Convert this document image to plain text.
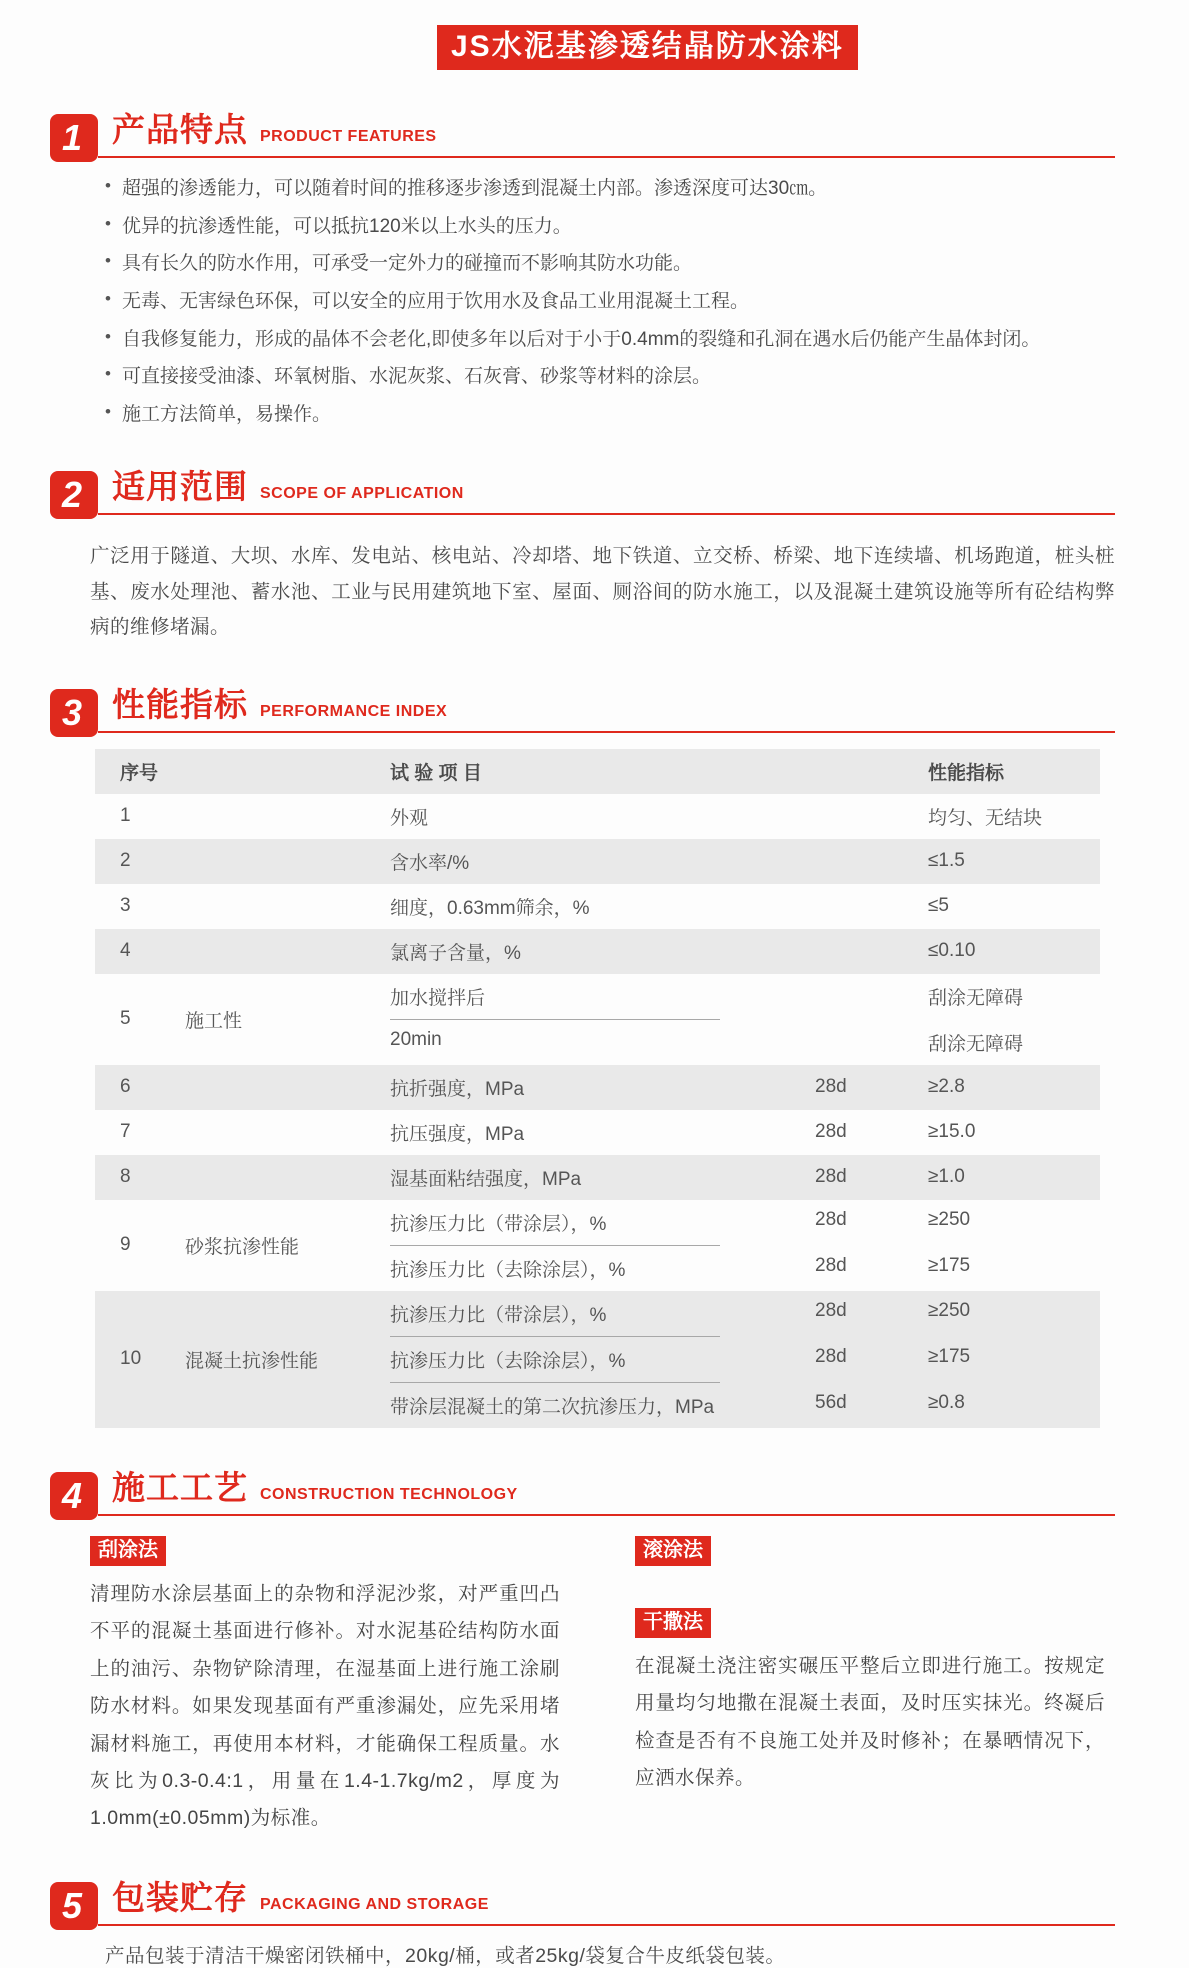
JS水泥基渗透结晶防水涂料
1 产品特点 PRODUCT FEATURES
• 超强的渗透能力，可以随着时间的推移逐步渗透到混凝土内部。渗透深度可达30㎝。
• 优异的抗渗透性能，可以抵抗120米以上水头的压力。
• 具有长久的防水作用，可承受一定外力的碰撞而不影响其防水功能。
• 无毒、无害绿色环保，可以安全的应用于饮用水及食品工业用混凝土工程。
• 自我修复能力，形成的晶体不会老化,即使多年以后对于小于0.4mm的裂缝和孔洞在遇水后仍能产生晶体封闭。
• 可直接接受油漆、环氧树脂、水泥灰浆、石灰膏、砂浆等材料的涂层。
• 施工方法简单，易操作。
2 适用范围 SCOPE OF APPLICATION
广泛用于隧道、大坝、水库、发电站、核电站、冷却塔、地下铁道、立交桥、桥梁、地下连续墙、机场跑道，桩头桩基、废水处理池、蓄水池、工业与民用建筑地下室、屋面、厕浴间的防水施工，以及混凝土建筑设施等所有砼结构弊病的维修堵漏。
3 性能指标 PERFORMANCE INDEX
序号	试 验 项 目	性能指标
1	外观	均匀、无结块
2	含水率/%	≤1.5
3	细度，0.63mm筛余，%	≤5
4	氯离子含量，%	≤0.10
5	施工性
加水搅拌后	刮涂无障碍
20min	刮涂无障碍
6	抗折强度，MPa	28d	≥2.8
7	抗压强度，MPa	28d	≥15.0
8	湿基面粘结强度，MPa	28d	≥1.0
9	砂浆抗渗性能
抗渗压力比（带涂层），%	28d	≥250
抗渗压力比（去除涂层），%	28d	≥175
10	混凝土抗渗性能
抗渗压力比（带涂层），%	28d	≥250
抗渗压力比（去除涂层），%	28d	≥175
带涂层混凝土的第二次抗渗压力，MPa	56d	≥0.8
4 施工工艺 CONSTRUCTION TECHNOLOGY
刮涂法
清理防水涂层基面上的杂物和浮泥沙浆，对严重凹凸不平的混凝土基面进行修补。对水泥基砼结构防水面上的油污、杂物铲除清理，在湿基面上进行施工涂刷防水材料。如果发现基面有严重渗漏处，应先采用堵漏材料施工，再使用本材料，才能确保工程质量。水灰比为0.3-0.4:1，用量在1.4-1.7kg/m2，厚度为1.0mm(±0.05mm)为标准。
滚涂法
干撒法
在混凝土浇注密实碾压平整后立即进行施工。按规定用量均匀地撒在混凝土表面，及时压实抹光。终凝后检查是否有不良施工处并及时修补；在暴晒情况下，应洒水保养。
5 包装贮存 PACKAGING AND STORAGE
产品包装于清洁干燥密闭铁桶中，20kg/桶，或者25kg/袋复合牛皮纸袋包装。
